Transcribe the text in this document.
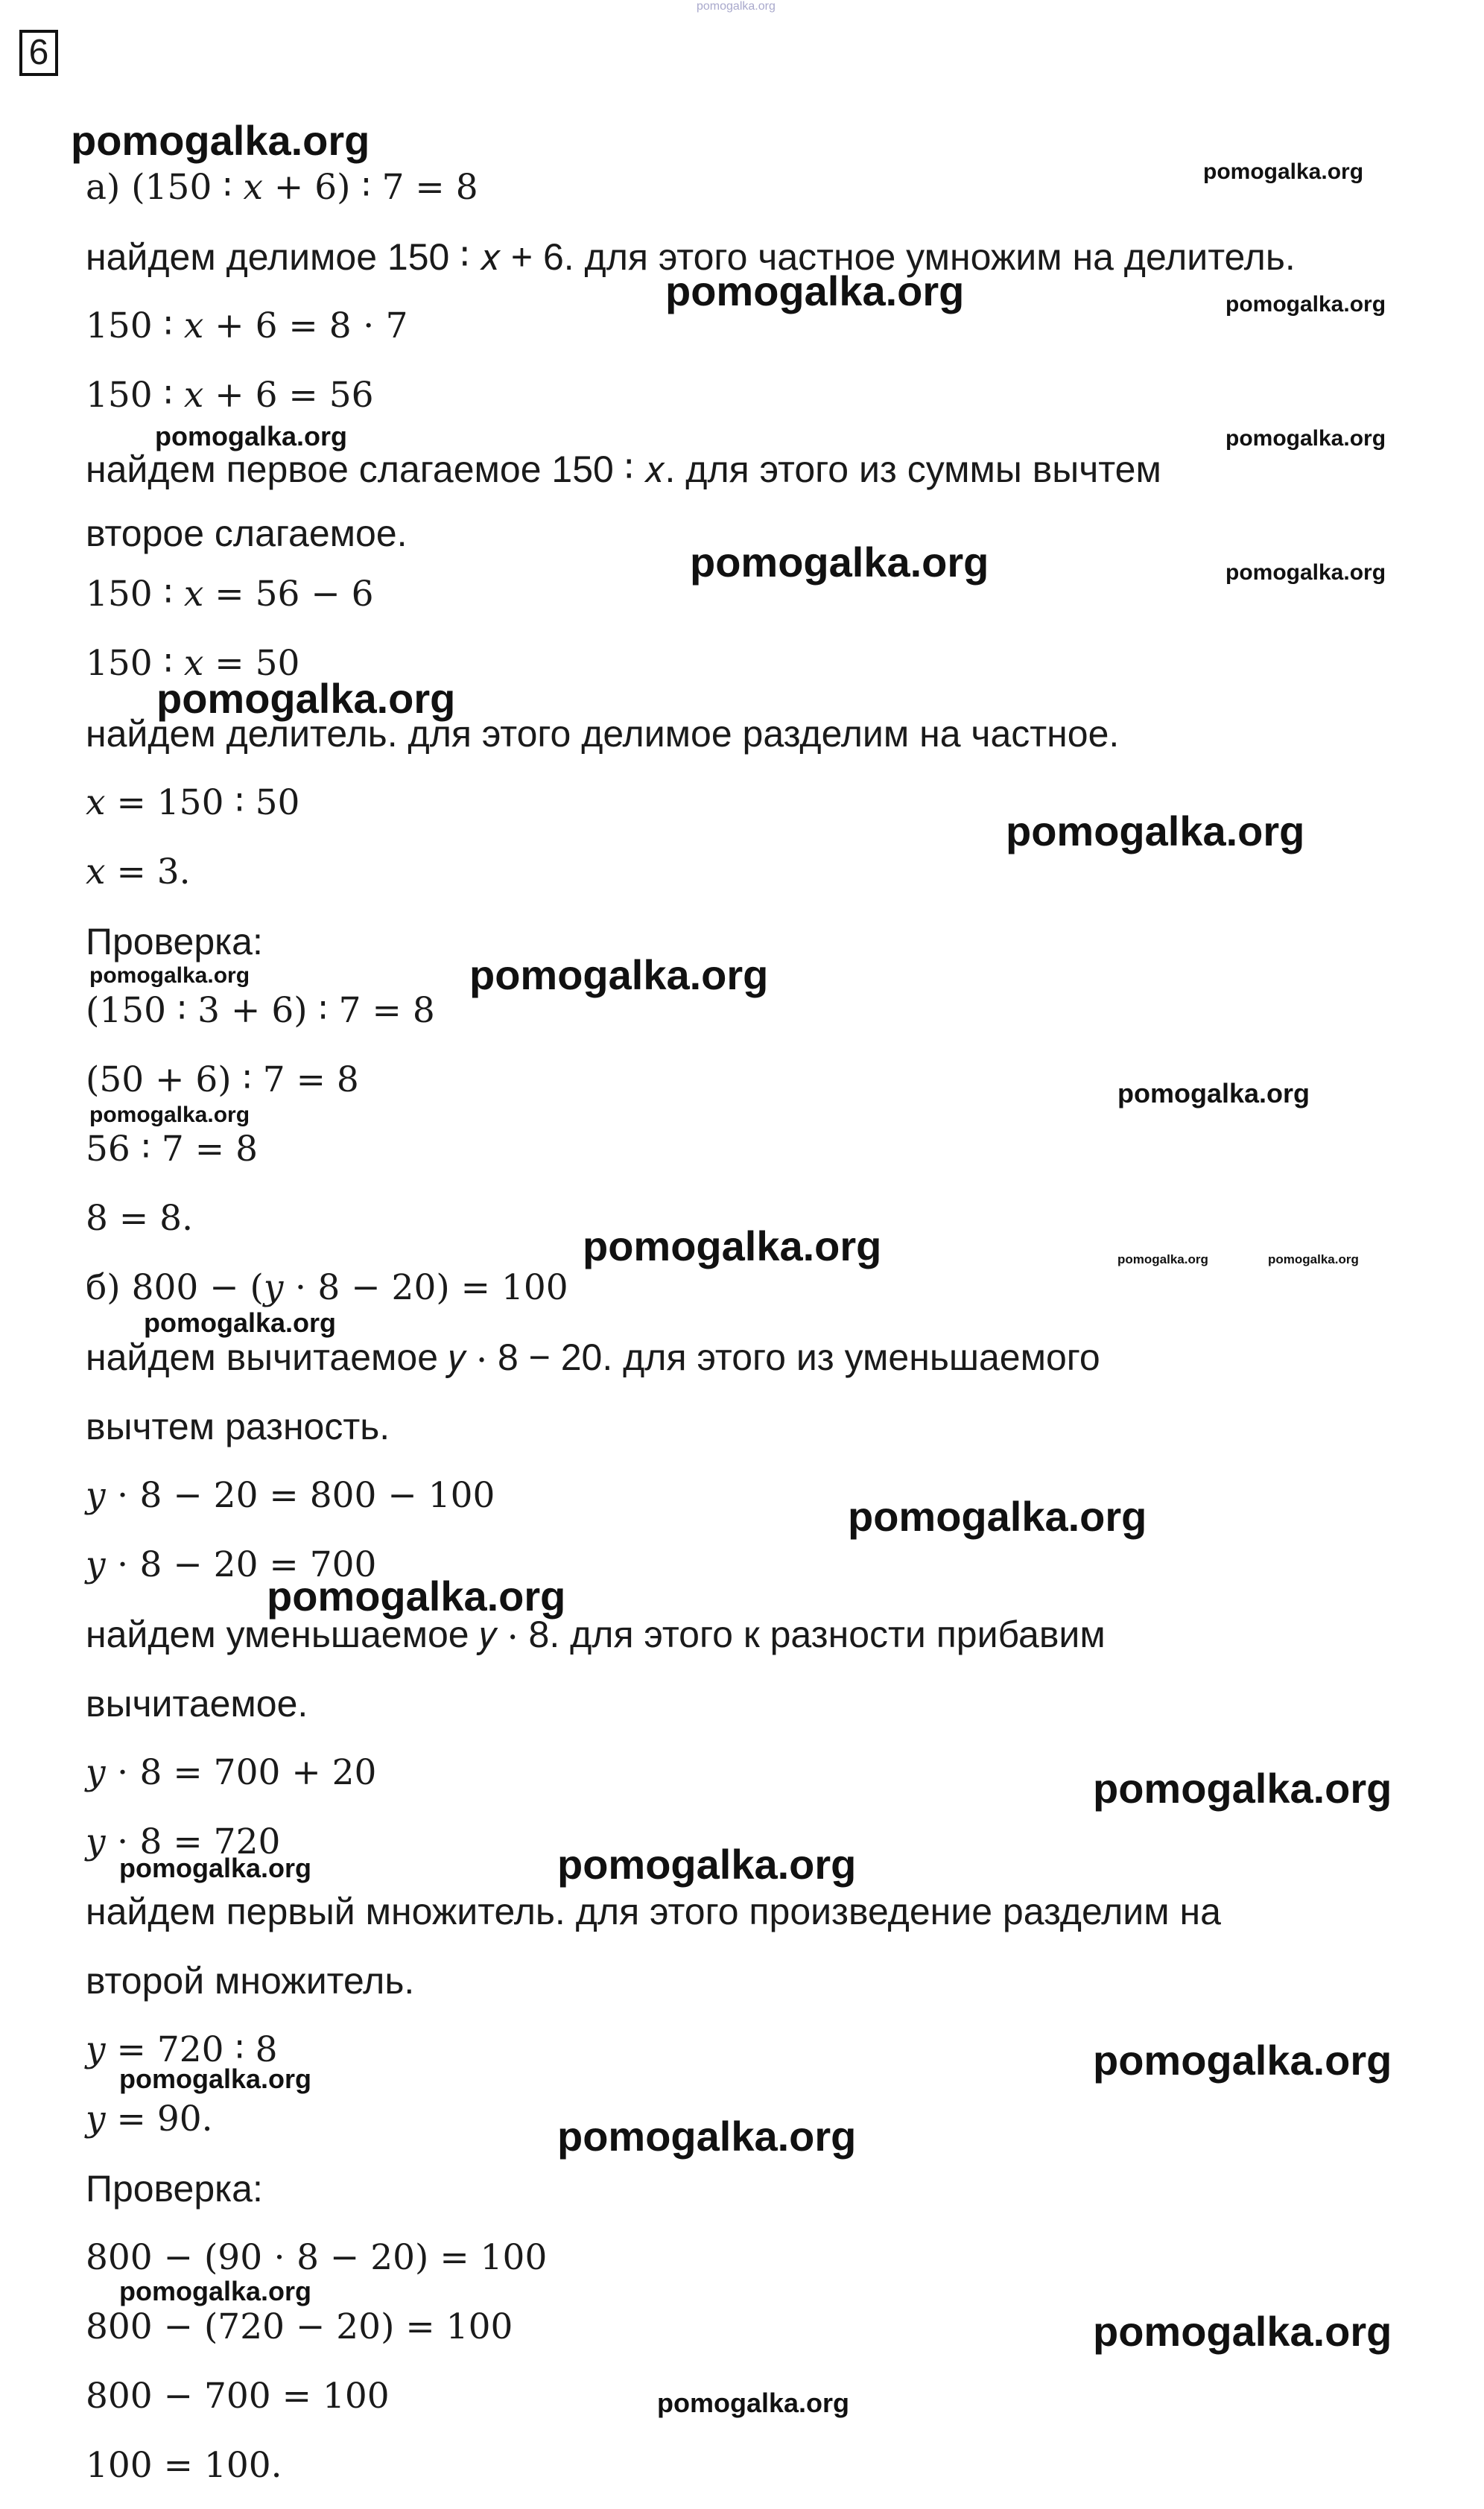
pomogalka.org
6
а) (150 ∶ 𝑥 + 6) ∶ 7 = 8
найдем делимое 150 ∶ 𝑥 + 6. для этого частное умножим на делитель.
150 ∶ 𝑥 + 6 = 8 ⋅ 7
150 ∶ 𝑥 + 6 = 56
найдем первое слагаемое 150 ∶ 𝑥. для этого из суммы вычтем
второе слагаемое.
150 ∶ 𝑥 = 56 − 6
150 ∶ 𝑥 = 50
найдем делитель. для этого делимое разделим на частное.
𝑥 = 150 ∶ 50
𝑥 = 3.
Проверка:
(150 ∶ 3 + 6) ∶ 7 = 8
(50 + 6) ∶ 7 = 8
56 ∶ 7 = 8
8 = 8.
б) 800 − (𝑦 ⋅ 8 − 20) = 100
найдем вычитаемое 𝑦 ⋅ 8 − 20. для этого из уменьшаемого
вычтем разность.
𝑦 ⋅ 8 − 20 = 800 − 100
𝑦 ⋅ 8 − 20 = 700
найдем уменьшаемое 𝑦 ⋅ 8. для этого к разности прибавим
вычитаемое.
𝑦 ⋅ 8 = 700 + 20
𝑦 ⋅ 8 = 720
найдем первый множитель. для этого произведение разделим на
второй множитель.
𝑦 = 720 ∶ 8
𝑦 = 90.
Проверка:
800 − (90 ⋅ 8 − 20) = 100
800 − (720 − 20) = 100
800 − 700 = 100
100 = 100.
pomogalka.org
pomogalka.org
pomogalka.org	pomogalka.org
pomogalka.org	pomogalka.org
pomogalka.org	pomogalka.org
pomogalka.org
pomogalka.org
pomogalka.org	pomogalka.org
pomogalka.org
pomogalka.org
pomogalka.org	pomogalka.org	pomogalka.org
pomogalka.org
pomogalka.org
pomogalka.org
pomogalka.org
pomogalka.org	pomogalka.org
pomogalka.org
pomogalka.org
pomogalka.org
pomogalka.org
pomogalka.org
pomogalka.org
